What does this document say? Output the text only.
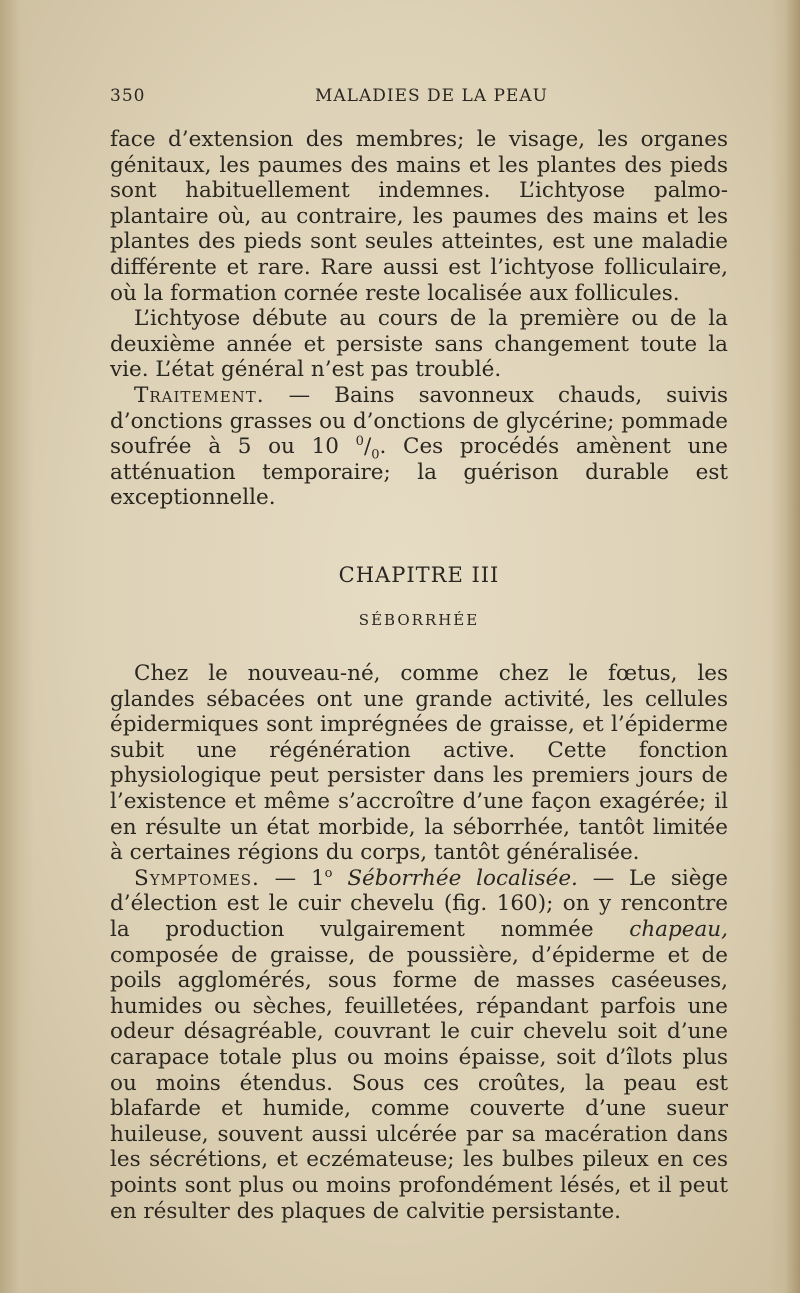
350	MALADIES DE LA PEAU

face d’extension des membres; le visage, les organes génitaux, les paumes des mains et les plantes des pieds sont habituellement indemnes. L’ichtyose palmo-plantaire où, au contraire, les paumes des mains et les plantes des pieds sont seules atteintes, est une maladie différente et rare. Rare aussi est l’ichtyose folliculaire, où la formation cornée reste localisée aux follicules.

L’ichtyose débute au cours de la première ou de la deuxième année et persiste sans changement toute la vie. L’état général n’est pas troublé.

Traitement. — Bains savonneux chauds, suivis d’onctions grasses ou d’onctions de glycérine; pommade soufrée à 5 ou 10 $^0/_0$. Ces procédés amènent une atténuation temporaire; la guérison durable est exceptionnelle.

CHAPITRE III
SÉBORRHÉE

Chez le nouveau-né, comme chez le fœtus, les glandes sébacées ont une grande activité, les cellules épidermiques sont imprégnées de graisse, et l’épiderme subit une régénération active. Cette fonction physiologique peut persister dans les premiers jours de l’existence et même s’accroître d’une façon exagérée; il en résulte un état morbide, la séborrhée, tantôt limitée à certaines régions du corps, tantôt généralisée.

Symptomes. — 1$^o$ Séborrhée localisée. — Le siège d’élection est le cuir chevelu (fig. 160); on y rencontre la production vulgairement nommée chapeau, composée de graisse, de poussière, d’épiderme et de poils agglomérés, sous forme de masses caséeuses, humides ou sèches, feuilletées, répandant parfois une odeur désagréable, couvrant le cuir chevelu soit d’une carapace totale plus ou moins épaisse, soit d’îlots plus ou moins étendus. Sous ces croûtes, la peau est blafarde et humide, comme couverte d’une sueur huileuse, souvent aussi ulcérée par sa macération dans les sécrétions, et eczémateuse; les bulbes pileux en ces points sont plus ou moins profondément lésés, et il peut en résulter des plaques de calvitie persistante.
